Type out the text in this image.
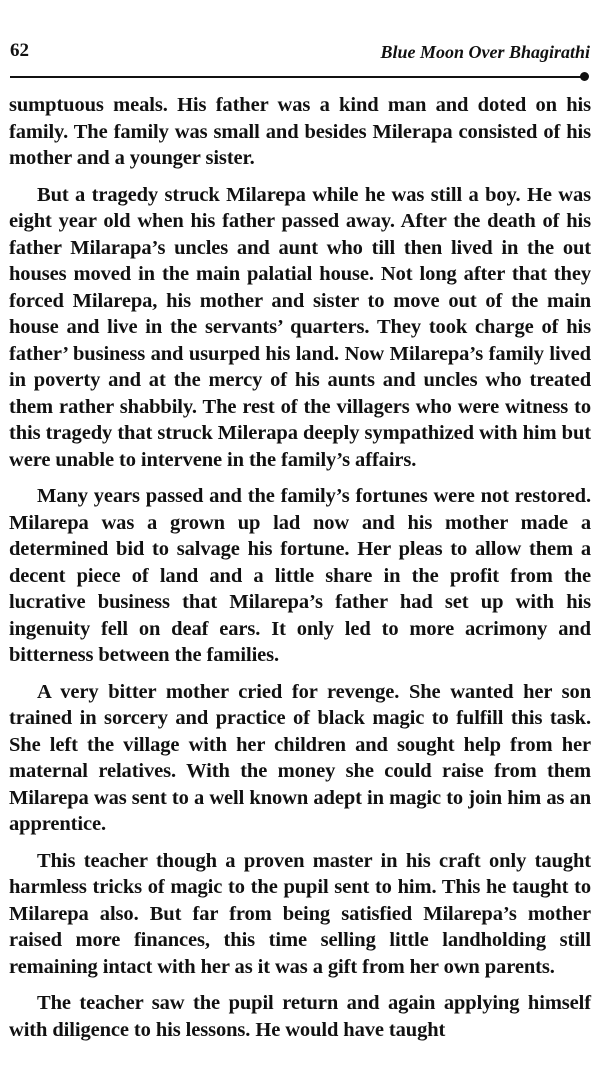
62	Blue Moon Over Bhagirathi

sumptuous meals. His father was a kind man and doted on his family. The family was small and besides Milerapa consisted of his mother and a younger sister.

But a tragedy struck Milarepa while he was still a boy. He was eight year old when his father passed away. After the death of his father Milarapa’s uncles and aunt who till then lived in the out houses moved in the main palatial house. Not long after that they forced Milarepa, his mother and sister to move out of the main house and live in the servants’ quarters. They took charge of his father’ business and usurped his land. Now Milarepa’s family lived in poverty and at the mercy of his aunts and uncles who treated them rather shabbily. The rest of the villagers who were witness to this tragedy that struck Milerapa deeply sympathized with him but were unable to intervene in the family’s affairs.

Many years passed and the family’s fortunes were not restored. Milarepa was a grown up lad now and his mother made a determined bid to salvage his fortune. Her pleas to allow them a decent piece of land and a little share in the profit from the lucrative business that Milarepa’s father had set up with his ingenuity fell on deaf ears. It only led to more acrimony and bitterness between the families.

A very bitter mother cried for revenge. She wanted her son trained in sorcery and practice of black magic to fulfill this task. She left the village with her children and sought help from her maternal relatives. With the money she could raise from them Milarepa was sent to a well known adept in magic to join him as an apprentice.

This teacher though a proven master in his craft only taught harmless tricks of magic to the pupil sent to him. This he taught to Milarepa also. But far from being satisfied Milarepa’s mother raised more finances, this time selling little landholding still remaining intact with her as it was a gift from her own parents.

The teacher saw the pupil return and again applying himself with diligence to his lessons. He would have taught
